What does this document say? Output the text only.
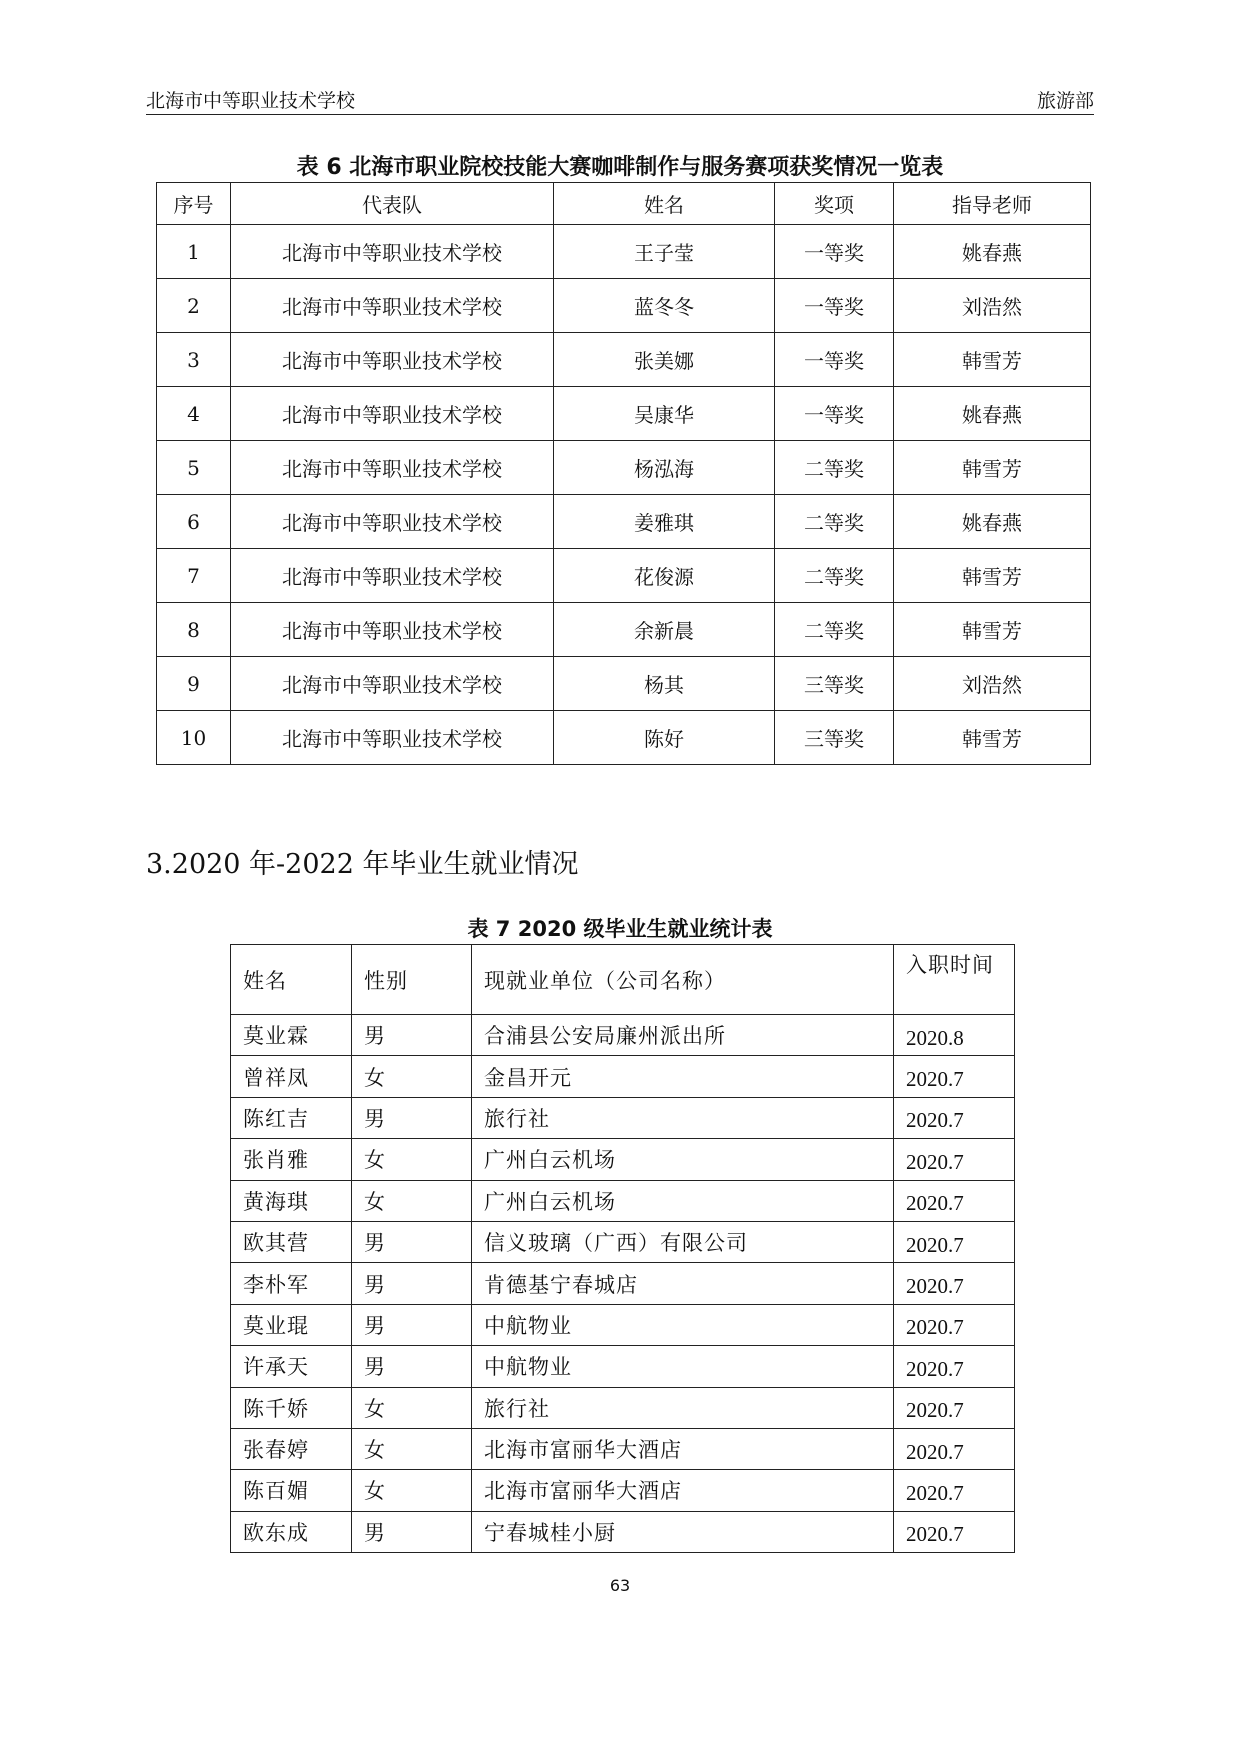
北海市中等职业技术学校	旅游部
表 6 北海市职业院校技能大赛咖啡制作与服务赛项获奖情况一览表
序号	代表队	姓名	奖项	指导老师
1	北海市中等职业技术学校	王子莹	一等奖	姚春燕
2	北海市中等职业技术学校	蓝冬冬	一等奖	刘浩然
3	北海市中等职业技术学校	张美娜	一等奖	韩雪芳
4	北海市中等职业技术学校	吴康华	一等奖	姚春燕
5	北海市中等职业技术学校	杨泓海	二等奖	韩雪芳
6	北海市中等职业技术学校	姜雅琪	二等奖	姚春燕
7	北海市中等职业技术学校	花俊源	二等奖	韩雪芳
8	北海市中等职业技术学校	余新晨	二等奖	韩雪芳
9	北海市中等职业技术学校	杨其	三等奖	刘浩然
10	北海市中等职业技术学校	陈好	三等奖	韩雪芳
3.2020 年-2022 年毕业生就业情况
表 7 2020 级毕业生就业统计表
姓名	性别	现就业单位（公司名称）	入职时间
莫业霖	男	合浦县公安局廉州派出所	2020.8
曾祥凤	女	金昌开元	2020.7
陈红吉	男	旅行社	2020.7
张肖雅	女	广州白云机场	2020.7
黄海琪	女	广州白云机场	2020.7
欧其营	男	信义玻璃（广西）有限公司	2020.7
李朴军	男	肯德基宁春城店	2020.7
莫业琨	男	中航物业	2020.7
许承天	男	中航物业	2020.7
陈千娇	女	旅行社	2020.7
张春婷	女	北海市富丽华大酒店	2020.7
陈百媚	女	北海市富丽华大酒店	2020.7
欧东成	男	宁春城桂小厨	2020.7
63
